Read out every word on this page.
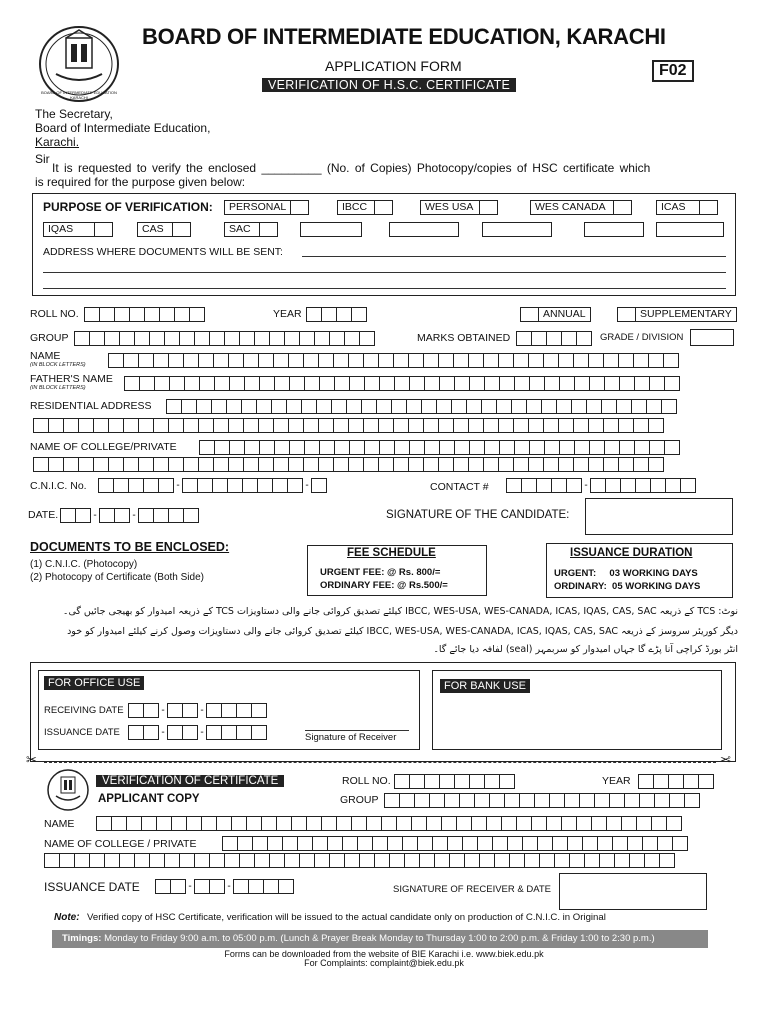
BOARD OF INTERMEDIATE EDUCATION KARACHI
BOARD OF INTERMEDIATE EDUCATION, KARACHI
APPLICATION FORM
VERIFICATION OF H.S.C. CERTIFICATE
F02
The Secretary,
Board of Intermediate Education,
Karachi.
Sir
It is requested to verify the enclosed _________ (No. of Copies) Photocopy/copies of HSC certificate which
is required for the purpose given below:
PURPOSE OF VERIFICATION:	PERSONAL	IBCC	WES USA	WES CANADA	ICAS
IQAS	CAS	SAC
ADDRESS WHERE DOCUMENTS WILL BE SENT:
ROLL NO.	YEAR	ANNUAL	SUPPLEMENTARY
GROUP	MARKS OBTAINED	GRADE / DIVISION
NAME
(IN BLOCK LETTERS)
FATHER'S NAME
(IN BLOCK LETTERS)
RESIDENTIAL ADDRESS
NAME OF COLLEGE/PRIVATE
C.N.I.C. No.	-	-	CONTACT #	-
DATE.	-	-	SIGNATURE OF THE CANDIDATE:
DOCUMENTS TO BE ENCLOSED:
(1) C.N.I.C. (Photocopy)
(2) Photocopy of Certificate (Both Side)
FEE SCHEDULE
URGENT FEE: @ Rs. 800/=
ORDINARY FEE: @ Rs.500/=
ISSUANCE DURATION
URGENT:     03 WORKING DAYS
ORDINARY:  05 WORKING DAYS
نوٹ: TCS کے ذریعہ IBCC, WES-USA, WES-CANADA, ICAS, IQAS, CAS, SAC کیلئے تصدیق کروائی جانے والی دستاویزات TCS کے ذریعہ امیدوار کو بھیجی جائیں گی۔
دیگر کوریئر سروسز کے ذریعہ IBCC, WES-USA, WES-CANADA, ICAS, IQAS, CAS, SAC کیلئے تصدیق کروائی جانے والی دستاویزات وصول کرنے کیلئے امیدوار کو خود
انٹر بورڈ کراچی آنا پڑے گا جہاں امیدوار کو سربمہر (seal) لفافہ دیا جائے گا۔
FOR OFFICE USE
RECEIVING DATE	-	-
ISSUANCE DATE	-	-	Signature of Receiver
FOR BANK USE
✂	✂
VERIFICATION OF CERTIFICATE
APPLICANT COPY
ROLL NO.	YEAR
GROUP
NAME
NAME OF COLLEGE / PRIVATE
ISSUANCE DATE	-	-	SIGNATURE OF RECEIVER & DATE
Note: Verified copy of HSC Certificate, verification will be issued to the actual candidate only on production of C.N.I.C. in Original
Timings: Monday to Friday 9:00 a.m. to 05:00 p.m. (Lunch & Prayer Break Monday to Thursday 1:00 to 2:00 p.m. & Friday 1:00 to 2:30 p.m.)
Forms can be downloaded from the website of BIE Karachi i.e. www.biek.edu.pk
For Complaints: complaint@biek.edu.pk
